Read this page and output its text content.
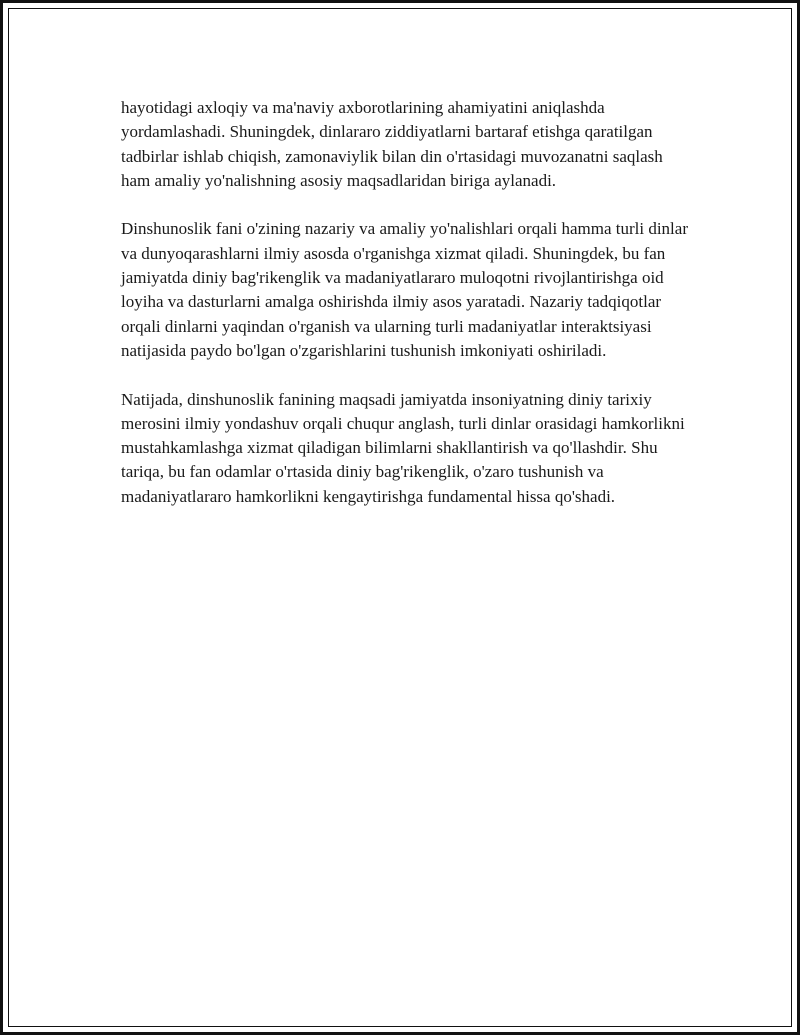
hayotidagi axloqiy va ma'naviy axborotlarining ahamiyatini aniqlashda yordamlashadi. Shuningdek, dinlararo ziddiyatlarni bartaraf etishga qaratilgan tadbirlar ishlab chiqish, zamonaviylik bilan din o'rtasidagi muvozanatni saqlash ham amaliy yo'nalishning asosiy maqsadlaridan biriga aylanadi.

Dinshunoslik fani o'zining nazariy va amaliy yo'nalishlari orqali hamma turli dinlar va dunyoqarashlarni ilmiy asosda o'rganishga xizmat qiladi. Shuningdek, bu fan jamiyatda diniy bag'rikenglik va madaniyatlararo muloqotni rivojlantirishga oid loyiha va dasturlarni amalga oshirishda ilmiy asos yaratadi. Nazariy tadqiqotlar orqali dinlarni yaqindan o'rganish va ularning turli madaniyatlar interaktsiyasi natijasida paydo bo'lgan o'zgarishlarini tushunish imkoniyati oshiriladi.

Natijada, dinshunoslik fanining maqsadi jamiyatda insoniyatning diniy tarixiy merosini ilmiy yondashuv orqali chuqur anglash, turli dinlar orasidagi hamkorlikni mustahkamlashga xizmat qiladigan bilimlarni shakllantirish va qo'llashdir. Shu tariqa, bu fan odamlar o'rtasida diniy bag'rikenglik, o'zaro tushunish va madaniyatlararo hamkorlikni kengaytirishga fundamental hissa qo'shadi.
